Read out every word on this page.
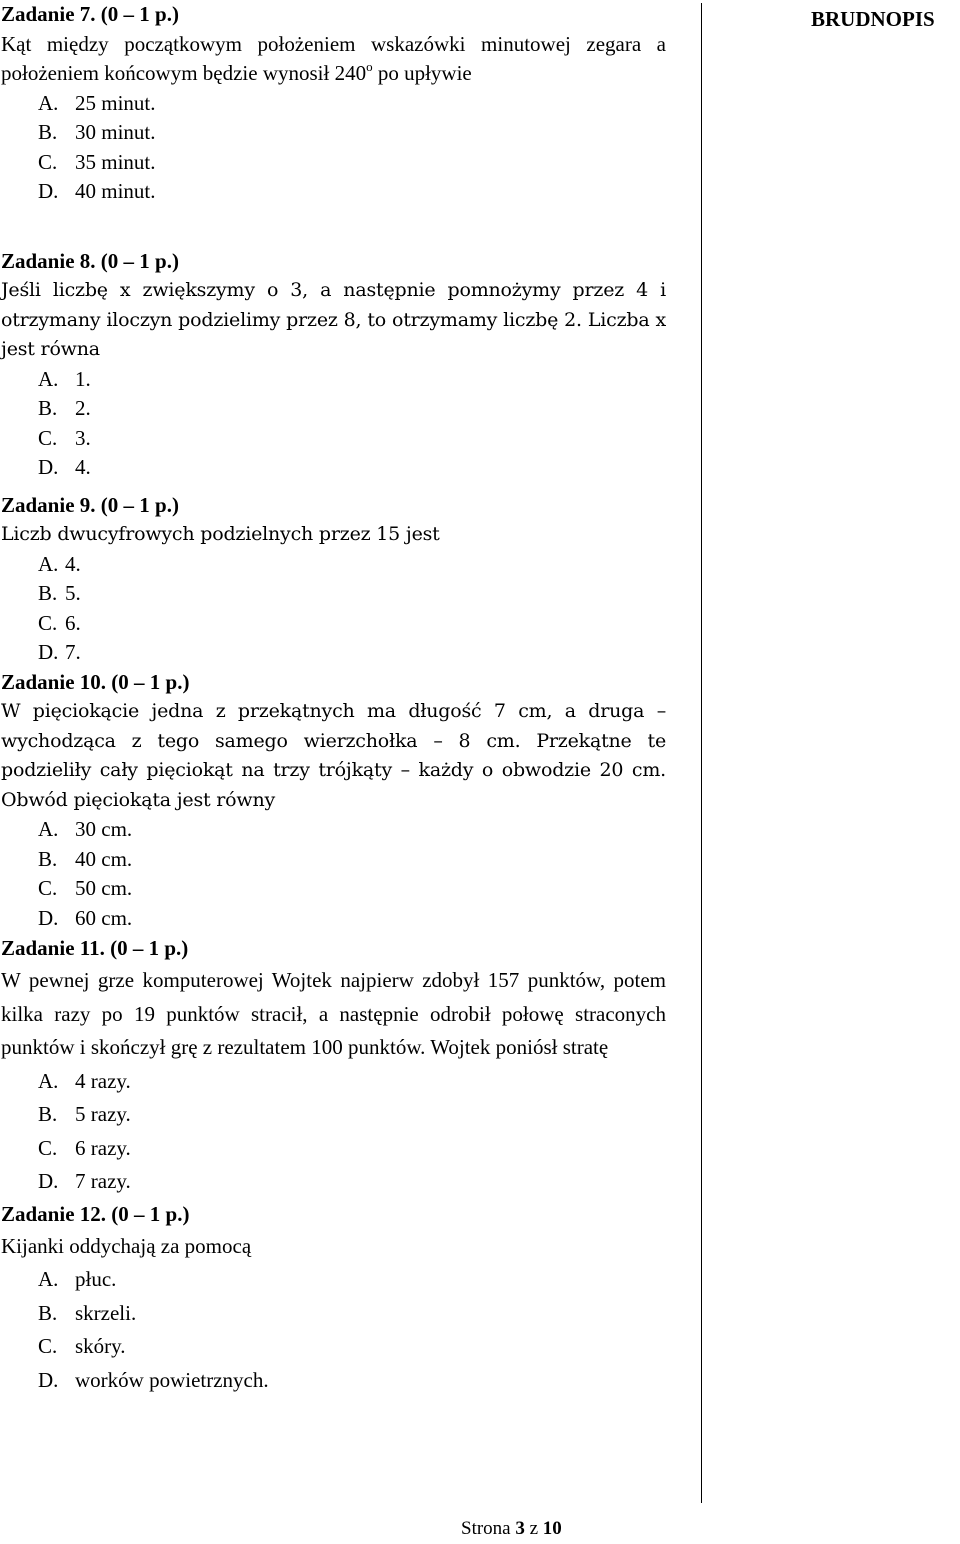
Zadanie 7. (0 – 1 p.)
Kąt między początkowym położeniem wskazówki minutowej zegara a położeniem końcowym będzie wynosił 240$^o$ po upływie
A. 25 minut.
B. 30 minut.
C. 35 minut.
D. 40 minut.
Zadanie 8. (0 – 1 p.)
Jeśli liczbę x zwiększymy o 3, a następnie pomnożymy przez 4 i otrzymany iloczyn podzielimy przez 8, to otrzymamy liczbę 2. Liczba x jest równa
A. 1.
B. 2.
C. 3.
D. 4.
Zadanie 9. (0 – 1 p.)
Liczb dwucyfrowych podzielnych przez 15 jest
A. 4.
B. 5.
C. 6.
D. 7.
Zadanie 10. (0 – 1 p.)
W pięciokącie jedna z przekątnych ma długość 7 cm, a druga – wychodząca z tego samego wierzchołka – 8 cm. Przekątne te podzieliły cały pięciokąt na trzy trójkąty – każdy o obwodzie 20 cm. Obwód pięciokąta jest równy
A. 30 cm.
B. 40 cm.
C. 50 cm.
D. 60 cm.
Zadanie 11. (0 – 1 p.)
W pewnej grze komputerowej Wojtek najpierw zdobył 157 punktów, potem kilka razy po 19 punktów stracił, a następnie odrobił połowę straconych punktów i skończył grę z rezultatem 100 punktów. Wojtek poniósł stratę
A. 4 razy.
B. 5 razy.
C. 6 razy.
D. 7 razy.
Zadanie 12. (0 – 1 p.)
Kijanki oddychają za pomocą
A. płuc.
B. skrzeli.
C. skóry.
D. worków powietrznych.
BRUDNOPIS
Strona 3 z 10
